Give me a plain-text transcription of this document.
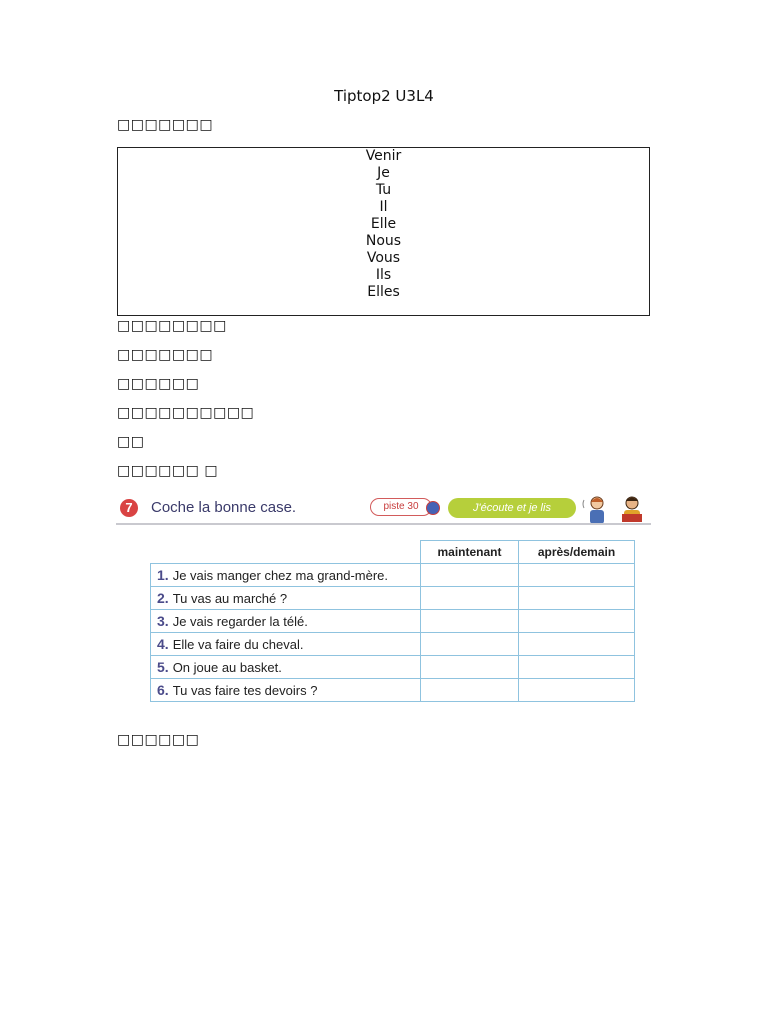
Tiptop2 U3L4
□□□□□□□
Venir
Je
Tu
Il
Elle
Nous
Vous
Ils
Elles
□□□□□□□□
□□□□□□□
□□□□□□
□□□□□□□□□□
□□
□□□□□□ □
7	Coche la bonne case.	piste 30	J'écoute et je lis
	maintenant	après/demain
1. Je vais manger chez ma grand-mère.		
2. Tu vas au marché ?		
3. Je vais regarder la télé.		
4. Elle va faire du cheval.		
5. On joue au basket.		
6. Tu vas faire tes devoirs ?		
□□□□□□
